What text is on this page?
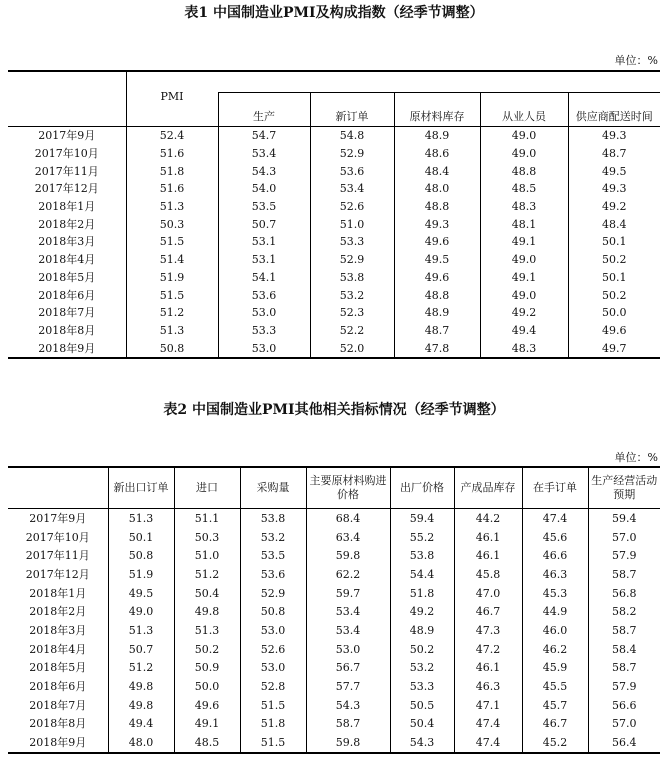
表1 中国制造业PMI及构成指数（经季节调整）
单位：%
	PMI					
		生产	新订单	原材料库存	从业人员	供应商配送时间
2017年9月	52.4	54.7	54.8	48.9	49.0	49.3
2017年10月	51.6	53.4	52.9	48.6	49.0	48.7
2017年11月	51.8	54.3	53.6	48.4	48.8	49.5
2017年12月	51.6	54.0	53.4	48.0	48.5	49.3
2018年1月	51.3	53.5	52.6	48.8	48.3	49.2
2018年2月	50.3	50.7	51.0	49.3	48.1	48.4
2018年3月	51.5	53.1	53.3	49.6	49.1	50.1
2018年4月	51.4	53.1	52.9	49.5	49.0	50.2
2018年5月	51.9	54.1	53.8	49.6	49.1	50.1
2018年6月	51.5	53.6	53.2	48.8	49.0	50.2
2018年7月	51.2	53.0	52.3	48.9	49.2	50.0
2018年8月	51.3	53.3	52.2	48.7	49.4	49.6
2018年9月	50.8	53.0	52.0	47.8	48.3	49.7
表2 中国制造业PMI其他相关指标情况（经季节调整）
单位：%
	新出口订单	进口	采购量	主要原材料购进价格	出厂价格	产成品库存	在手订单	生产经营活动预期
2017年9月	51.3	51.1	53.8	68.4	59.4	44.2	47.4	59.4
2017年10月	50.1	50.3	53.2	63.4	55.2	46.1	45.6	57.0
2017年11月	50.8	51.0	53.5	59.8	53.8	46.1	46.6	57.9
2017年12月	51.9	51.2	53.6	62.2	54.4	45.8	46.3	58.7
2018年1月	49.5	50.4	52.9	59.7	51.8	47.0	45.3	56.8
2018年2月	49.0	49.8	50.8	53.4	49.2	46.7	44.9	58.2
2018年3月	51.3	51.3	53.0	53.4	48.9	47.3	46.0	58.7
2018年4月	50.7	50.2	52.6	53.0	50.2	47.2	46.2	58.4
2018年5月	51.2	50.9	53.0	56.7	53.2	46.1	45.9	58.7
2018年6月	49.8	50.0	52.8	57.7	53.3	46.3	45.5	57.9
2018年7月	49.8	49.6	51.5	54.3	50.5	47.1	45.7	56.6
2018年8月	49.4	49.1	51.8	58.7	50.4	47.4	46.7	57.0
2018年9月	48.0	48.5	51.5	59.8	54.3	47.4	45.2	56.4
